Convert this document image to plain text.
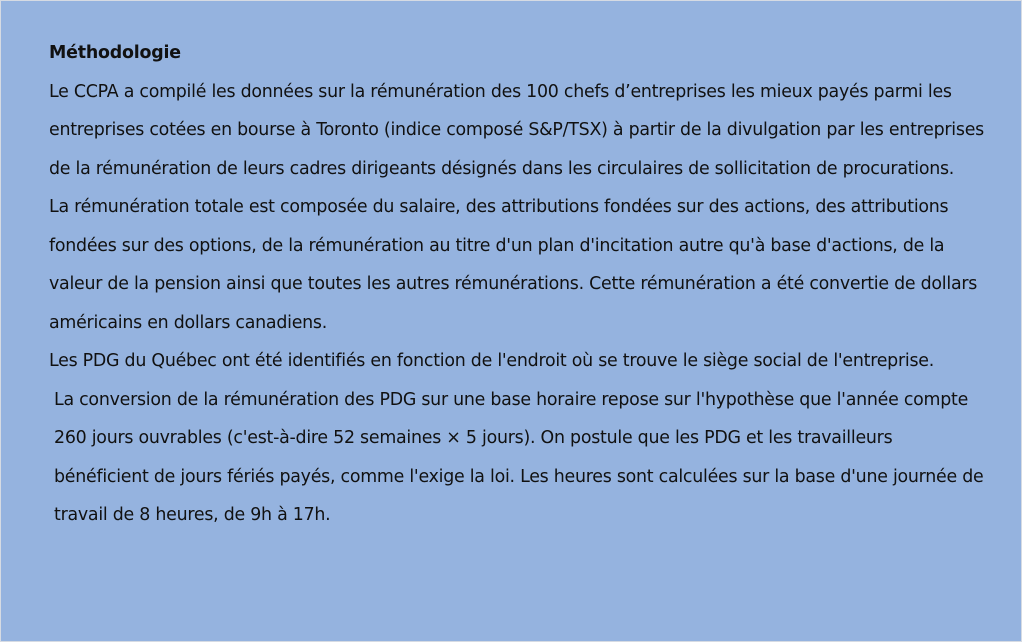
Méthodologie

Le CCPA a compilé les données sur la rémunération des 100 chefs d’entreprises les mieux payés parmi les entreprises cotées en bourse à Toronto (indice composé S&P/TSX) à partir de la divulgation par les entreprises de la rémunération de leurs cadres dirigeants désignés dans les circulaires de sollicitation de procurations.

La rémunération totale est composée du salaire, des attributions fondées sur des actions, des attributions fondées sur des options, de la rémunération au titre d'un plan d'incitation autre qu'à base d'actions, de la valeur de la pension ainsi que toutes les autres rémunérations. Cette rémunération a été convertie de dollars américains en dollars canadiens.

Les PDG du Québec ont été identifiés en fonction de l'endroit où se trouve le siège social de l'entreprise.

La conversion de la rémunération des PDG sur une base horaire repose sur l'hypothèse que l'année compte 260 jours ouvrables (c'est-à-dire 52 semaines × 5 jours). On postule que les PDG et les travailleurs bénéficient de jours fériés payés, comme l'exige la loi. Les heures sont calculées sur la base d'une journée de travail de 8 heures, de 9h à 17h.
